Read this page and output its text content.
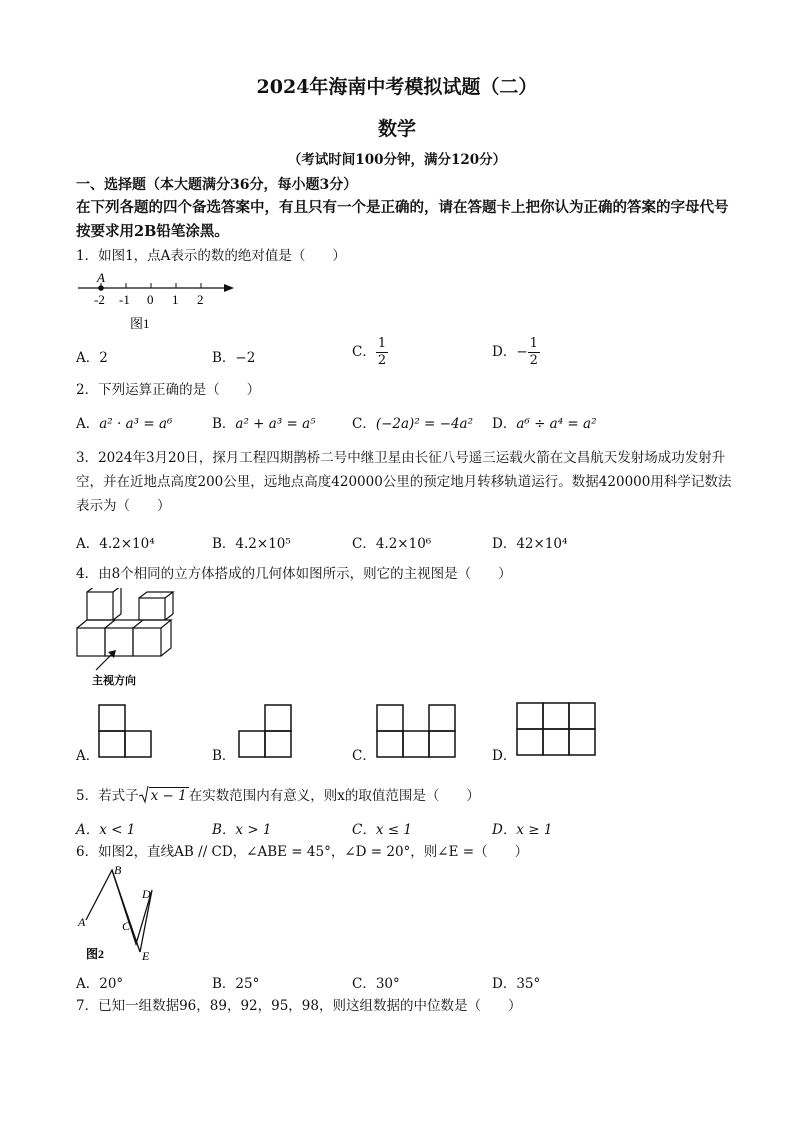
2024年海南中考模拟试题（二）
数学
（考试时间100分钟，满分120分）
一、选择题（本大题满分36分，每小题3分）
在下列各题的四个备选答案中，有且只有一个是正确的，请在答题卡上把你认为正确的答案的字母代号按要求用2B铅笔涂黑。
1．如图1，点A表示的数的绝对值是（　　）
A
-2 -1 0 1 2
图1
A．2	B．−2	C． $\frac{1}{2}$	D．− $\frac{1}{2}$
2．下列运算正确的是（　　）
A．a² · a³ = a⁶	B．a² + a³ = a⁵	C．(−2a)² = −4a² D．a⁶ ÷ a⁴ = a²
3．2024年3月20日，探月工程四期鹊桥二号中继卫星由长征八号遥三运载火箭在文昌航天发射场成功发射升空，并在近地点高度200公里，远地点高度420000公里的预定地月转移轨道运行。数据420000用科学记数法表示为（　　）
A．4.2×10⁴	B．4.2×10⁵	C．4.2×10⁶	D．42×10⁴
4．由8个相同的立方体搭成的几何体如图所示，则它的主视图是（　　）
主视方向
A．	B．	C．	D．
5．若式子 x − 1 在实数范围内有意义，则x的取值范围是（　　）
A．x < 1	B．x > 1	C．x ≤ 1	D．x ≥ 1
6．如图2，直线AB // CD，∠ABE = 45°，∠D = 20°，则∠E =（　　）
A
B
C
D
E
图2
A．20°	B．25°	C．30°	D．35°
7．已知一组数据96，89，92，95，98，则这组数据的中位数是（　　）
